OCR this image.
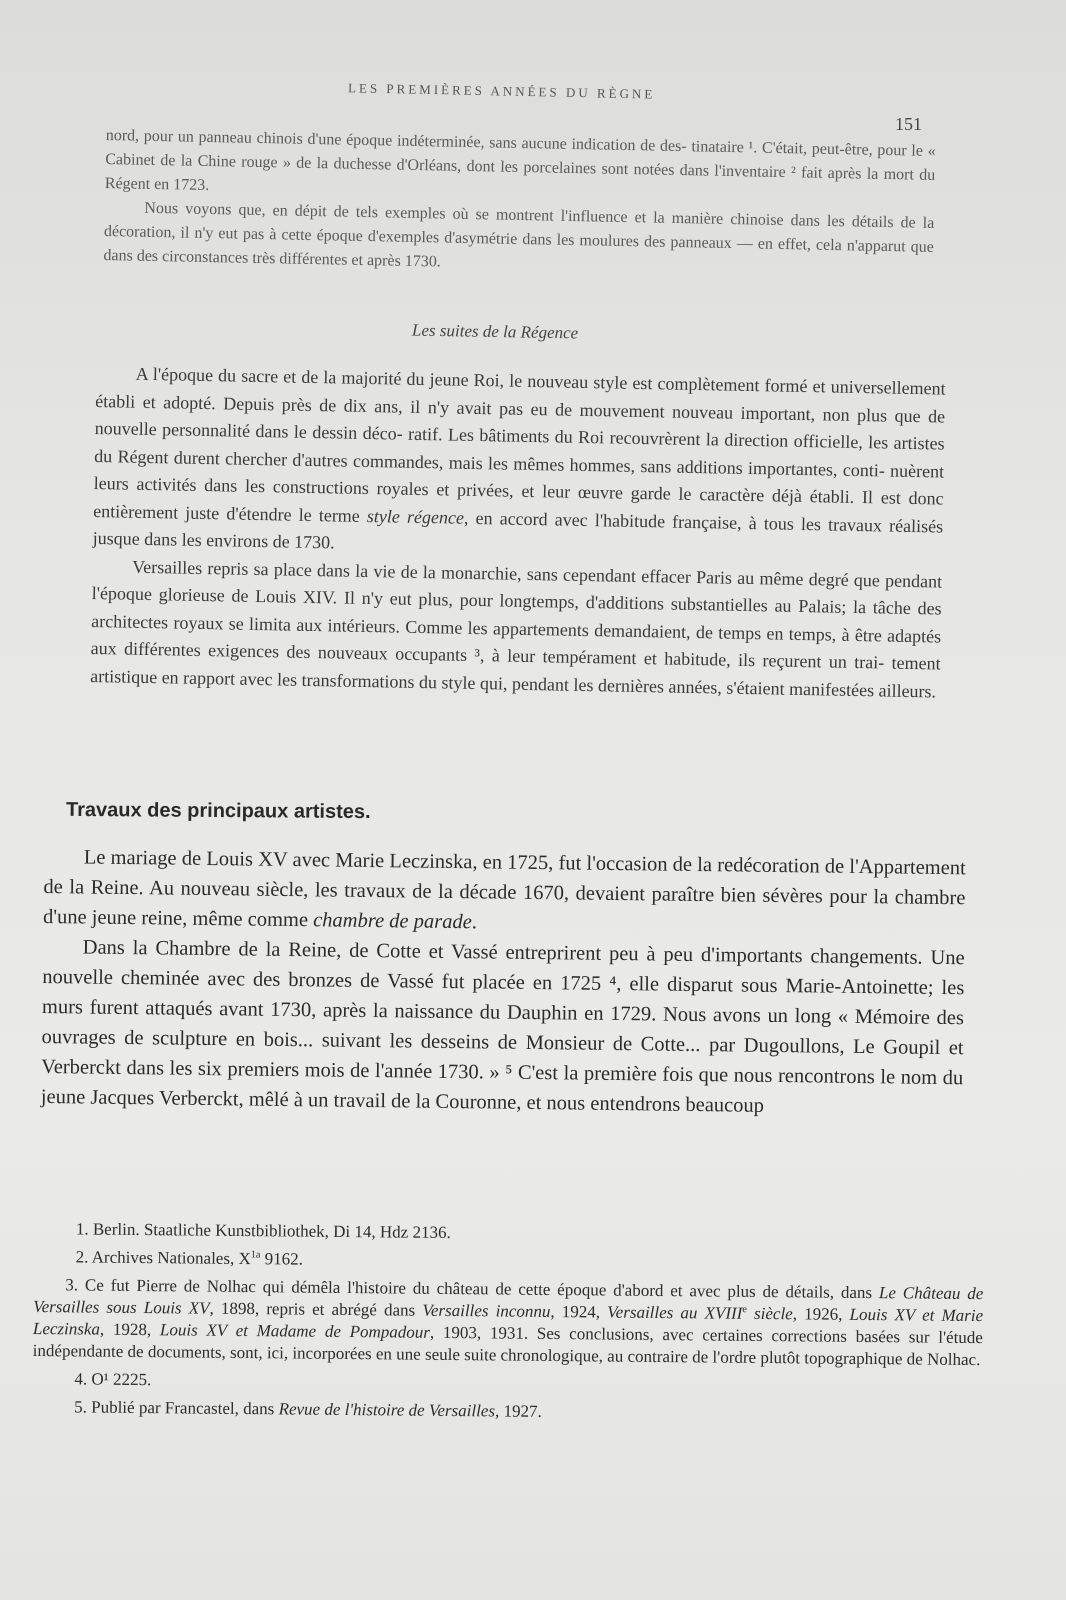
LES PREMIÈRES ANNÉES DU RÈGNE
151

nord, pour un panneau chinois d'une époque indéterminée, sans aucune indication de des- tinataire ¹. C'était, peut-être, pour le « Cabinet de la Chine rouge » de la duchesse d'Orléans, dont les porcelaines sont notées dans l'inventaire ² fait après la mort du Régent en 1723.

Nous voyons que, en dépit de tels exemples où se montrent l'influence et la manière chinoise dans les détails de la décoration, il n'y eut pas à cette époque d'exemples d'asymétrie dans les moulures des panneaux — en effet, cela n'apparut que dans des circonstances très différentes et après 1730.

Les suites de la Régence

A l'époque du sacre et de la majorité du jeune Roi, le nouveau style est complètement formé et universellement établi et adopté. Depuis près de dix ans, il n'y avait pas eu de mouvement nouveau important, non plus que de nouvelle personnalité dans le dessin déco- ratif. Les bâtiments du Roi recouvrèrent la direction officielle, les artistes du Régent durent chercher d'autres commandes, mais les mêmes hommes, sans additions importantes, conti- nuèrent leurs activités dans les constructions royales et privées, et leur œuvre garde le caractère déjà établi. Il est donc entièrement juste d'étendre le terme style régence, en accord avec l'habitude française, à tous les travaux réalisés jusque dans les environs de 1730.

Versailles repris sa place dans la vie de la monarchie, sans cependant effacer Paris au même degré que pendant l'époque glorieuse de Louis XIV. Il n'y eut plus, pour longtemps, d'additions substantielles au Palais; la tâche des architectes royaux se limita aux intérieurs. Comme les appartements demandaient, de temps en temps, à être adaptés aux différentes exigences des nouveaux occupants ³, à leur tempérament et habitude, ils reçurent un trai- tement artistique en rapport avec les transformations du style qui, pendant les dernières années, s'étaient manifestées ailleurs.

Travaux des principaux artistes.

Le mariage de Louis XV avec Marie Leczinska, en 1725, fut l'occasion de la redécoration de l'Appartement de la Reine. Au nouveau siècle, les travaux de la décade 1670, devaient paraître bien sévères pour la chambre d'une jeune reine, même comme chambre de parade.

Dans la Chambre de la Reine, de Cotte et Vassé entreprirent peu à peu d'importants changements. Une nouvelle cheminée avec des bronzes de Vassé fut placée en 1725 ⁴, elle disparut sous Marie-Antoinette; les murs furent attaqués avant 1730, après la naissance du Dauphin en 1729. Nous avons un long « Mémoire des ouvrages de sculpture en bois... suivant les desseins de Monsieur de Cotte... par Dugoullons, Le Goupil et Verberckt dans les six premiers mois de l'année 1730. » ⁵ C'est la première fois que nous rencontrons le nom du jeune Jacques Verberckt, mêlé à un travail de la Couronne, et nous entendrons beaucoup

1. Berlin. Staatliche Kunstbibliothek, Di 14, Hdz 2136.

2. Archives Nationales, $X^{1a}$ 9162.

3. Ce fut Pierre de Nolhac qui démêla l'histoire du château de cette époque d'abord et avec plus de détails, dans Le Château de Versailles sous Louis XV, 1898, repris et abrégé dans Versailles inconnu, 1924, Versailles au XVIIIe siècle, 1926, Louis XV et Marie Leczinska, 1928, Louis XV et Madame de Pompadour, 1903, 1931. Ses conclusions, avec certaines corrections basées sur l'étude indépendante de documents, sont, ici, incorporées en une seule suite chronologique, au contraire de l'ordre plutôt topographique de Nolhac.

4. O¹ 2225.

5. Publié par Francastel, dans Revue de l'histoire de Versailles, 1927.
